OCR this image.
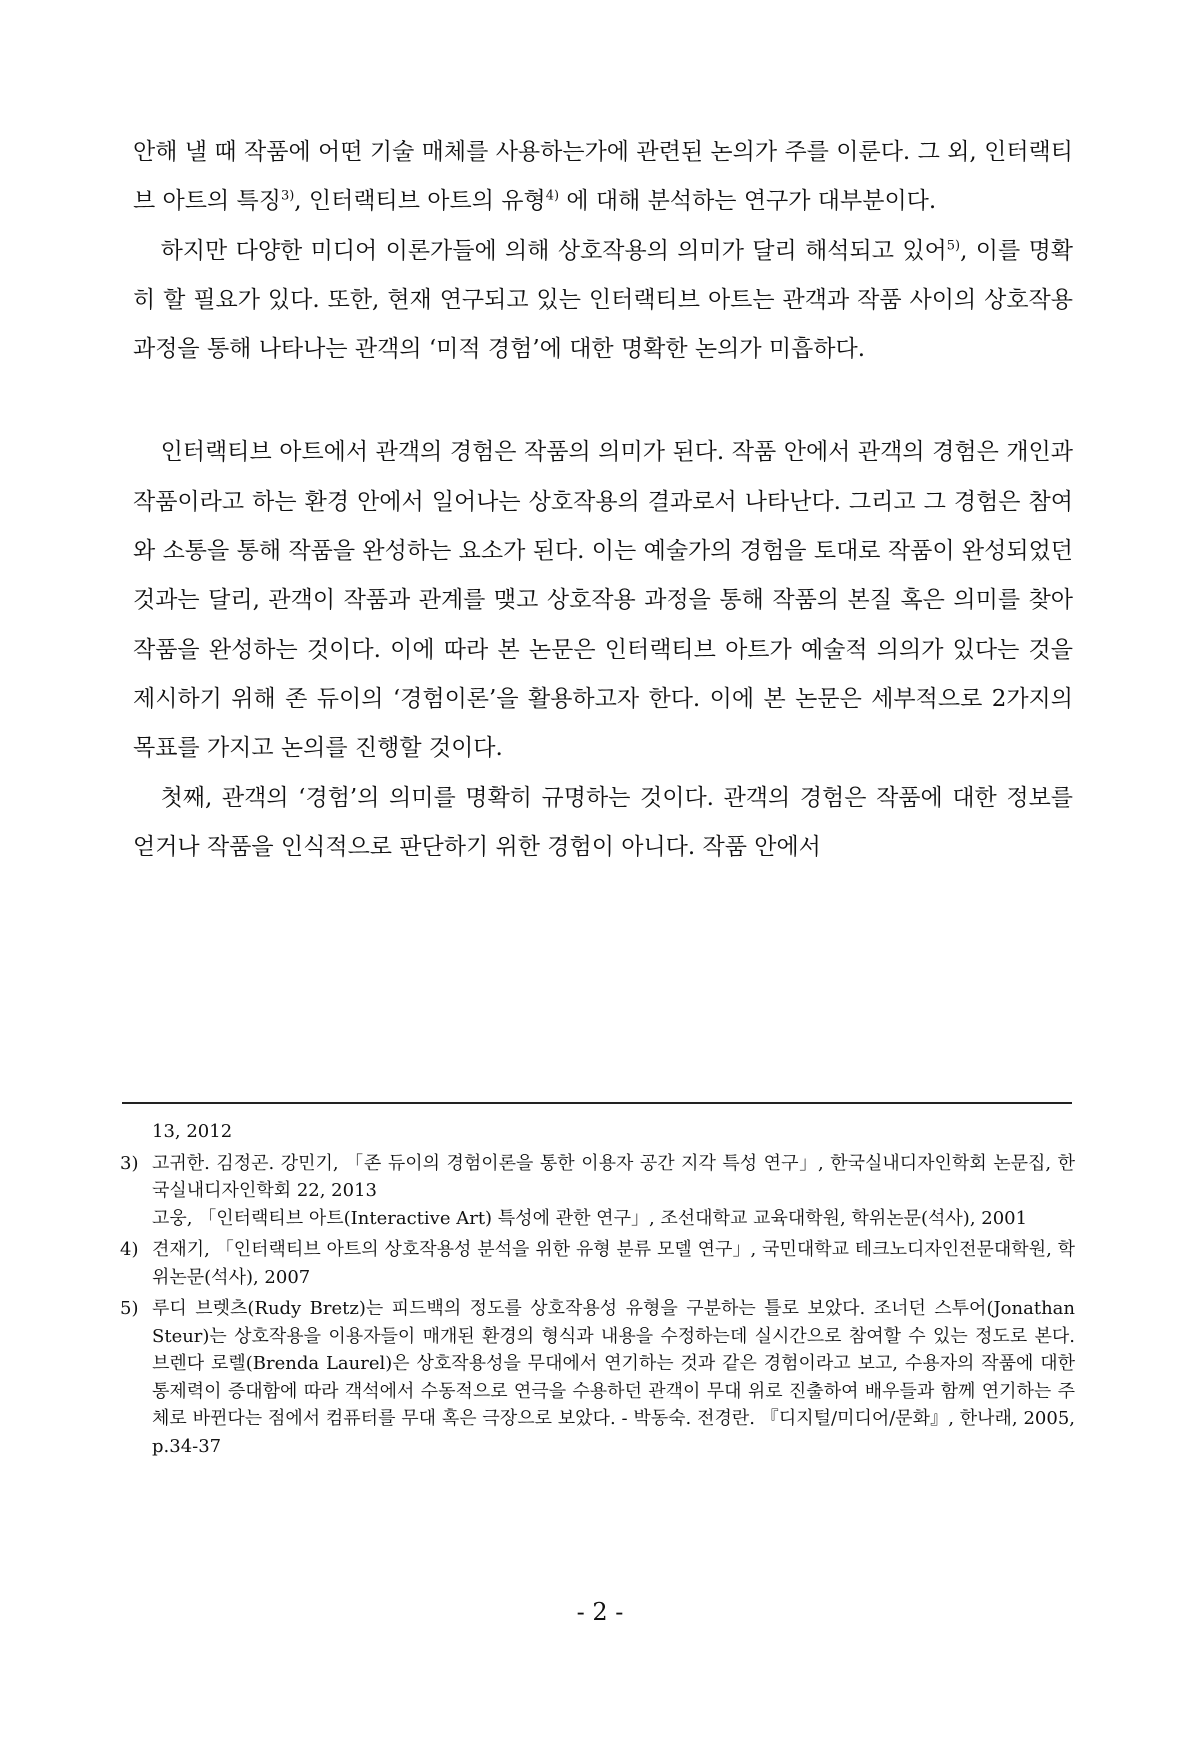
안해 낼 때 작품에 어떤 기술 매체를 사용하는가에 관련된 논의가 주를 이룬다. 그 외, 인터랙티브 아트의 특징$^{3)}$, 인터랙티브 아트의 유형$^{4)}$ 에 대해 분석하는 연구가 대부분이다.

하지만 다양한 미디어 이론가들에 의해 상호작용의 의미가 달리 해석되고 있어$^{5)}$, 이를 명확히 할 필요가 있다. 또한, 현재 연구되고 있는 인터랙티브 아트는 관객과 작품 사이의 상호작용 과정을 통해 나타나는 관객의 ‘미적 경험’에 대한 명확한 논의가 미흡하다.

인터랙티브 아트에서 관객의 경험은 작품의 의미가 된다. 작품 안에서 관객의 경험은 개인과 작품이라고 하는 환경 안에서 일어나는 상호작용의 결과로서 나타난다. 그리고 그 경험은 참여와 소통을 통해 작품을 완성하는 요소가 된다. 이는 예술가의 경험을 토대로 작품이 완성되었던 것과는 달리, 관객이 작품과 관계를 맺고 상호작용 과정을 통해 작품의 본질 혹은 의미를 찾아 작품을 완성하는 것이다. 이에 따라 본 논문은 인터랙티브 아트가 예술적 의의가 있다는 것을 제시하기 위해 존 듀이의 ‘경험이론’을 활용하고자 한다. 이에 본 논문은 세부적으로 2가지의 목표를 가지고 논의를 진행할 것이다.

첫째, 관객의 ‘경험’의 의미를 명확히 규명하는 것이다. 관객의 경험은 작품에 대한 정보를 얻거나 작품을 인식적으로 판단하기 위한 경험이 아니다. 작품 안에서

13, 2012
3) 고귀한. 김정곤. 강민기, 「존 듀이의 경험이론을 통한 이용자 공간 지각 특성 연구」, 한국실내디자인학회 논문집, 한국실내디자인학회 22, 2013
고웅, 「인터랙티브 아트(Interactive Art) 특성에 관한 연구」, 조선대학교 교육대학원, 학위논문(석사), 2001
4) 견재기, 「인터랙티브 아트의 상호작용성 분석을 위한 유형 분류 모델 연구」, 국민대학교 테크노디자인전문대학원, 학위논문(석사), 2007
5) 루디 브렛츠(Rudy Bretz)는 피드백의 정도를 상호작용성 유형을 구분하는 틀로 보았다. 조너던 스투어(Jonathan Steur)는 상호작용을 이용자들이 매개된 환경의 형식과 내용을 수정하는데 실시간으로 참여할 수 있는 정도로 본다. 브렌다 로렐(Brenda Laurel)은 상호작용성을 무대에서 연기하는 것과 같은 경험이라고 보고, 수용자의 작품에 대한 통제력이 증대함에 따라 객석에서 수동적으로 연극을 수용하던 관객이 무대 위로 진출하여 배우들과 함께 연기하는 주체로 바뀐다는 점에서 컴퓨터를 무대 혹은 극장으로 보았다. - 박동숙. 전경란. 『디지털/미디어/문화』, 한나래, 2005, p.34-37
- 2 -
